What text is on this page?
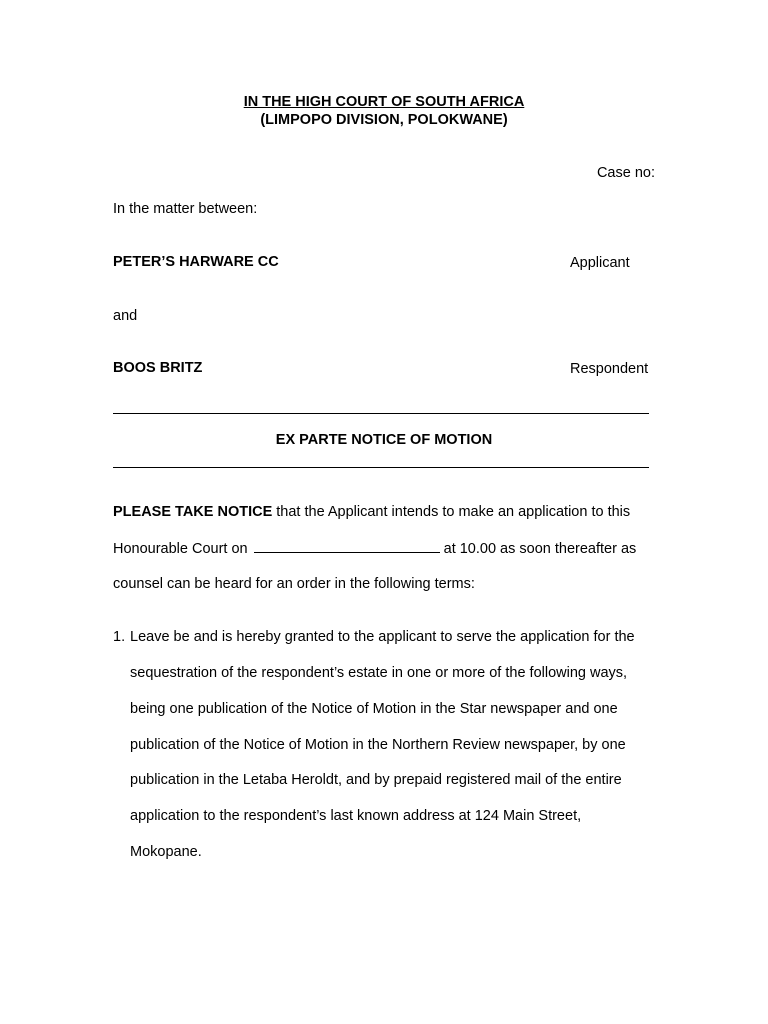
IN THE HIGH COURT OF SOUTH AFRICA
(LIMPOPO DIVISION, POLOKWANE)
Case no:
In the matter between:
PETER’S HARWARE CC	Applicant
and
BOOS BRITZ	Respondent
EX PARTE NOTICE OF MOTION
PLEASE TAKE NOTICE that the Applicant intends to make an application to this
Honourable Court on	at 10.00 as soon thereafter as
counsel can be heard for an order in the following terms:
1. Leave be and is hereby granted to the applicant to serve the application for the
sequestration of the respondent’s estate in one or more of the following ways,
being one publication of the Notice of Motion in the Star newspaper and one
publication of the Notice of Motion in the Northern Review newspaper, by one
publication in the Letaba Heroldt, and by prepaid registered mail of the entire
application to the respondent’s last known address at 124 Main Street,
Mokopane.
